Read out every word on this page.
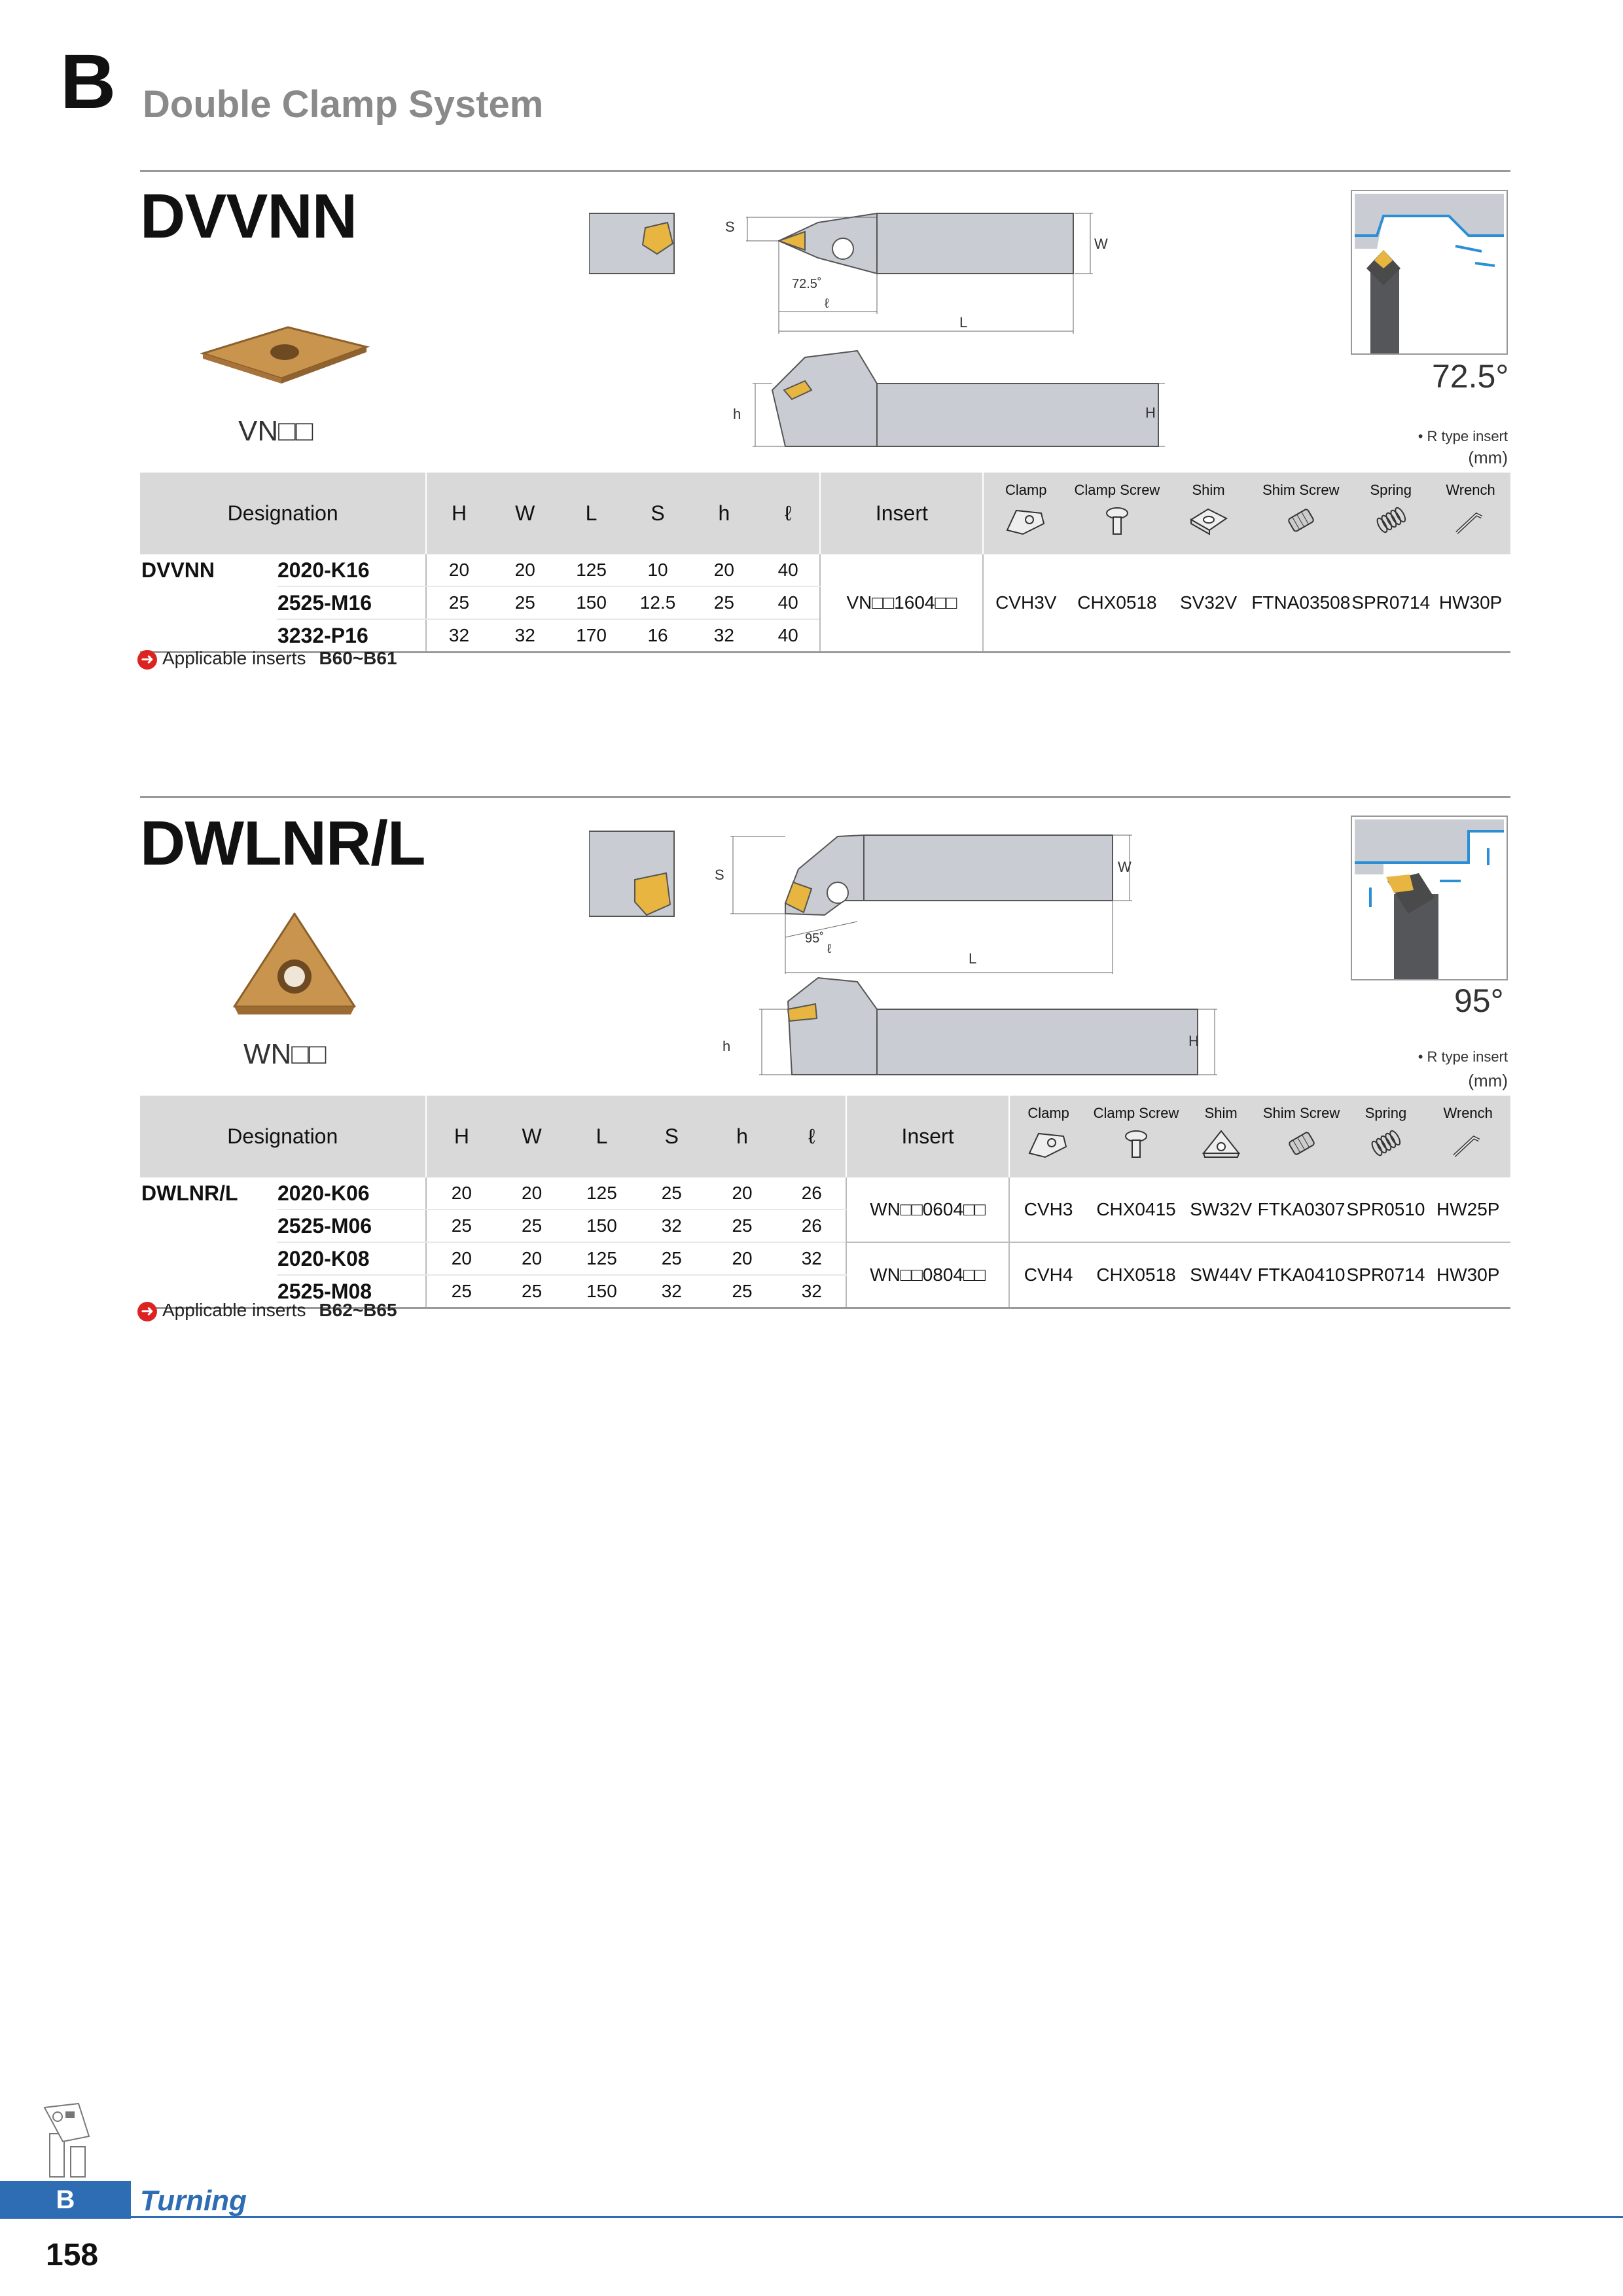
B Double Clamp System
DVVNN
VN□□
S
W
72.5˚
ℓ
L
h	H
72.5°
• R type insert
(mm)
Designation		H	W	L	S	h	ℓ	Insert	Clamp	Clamp Screw	Shim	Shim Screw	Spring	Wrench

DVVNN	2020-K16	20	20	125	10	20	40	VN□□1604□□	CVH3V	CHX0518	SV32V	FTNA03508	SPR0714	HW30P
	2525-M16	25	25	150	12.5	25	40							
	3232-P16	32	32	170	16	32	40							
➜ Applicable inserts B60~B61
DWLNR/L
WN□□
S	W
95˚
ℓ
L
h	H
95°
• R type insert
(mm)
Designation		H	W	L	S	h	ℓ	Insert	Clamp	Clamp Screw	Shim	Shim Screw	Spring	Wrench

DWLNR/L	2020-K06	20	20	125	25	20	26	WN□□0604□□	CVH3	CHX0415	SW32V	FTKA0307	SPR0510	HW25P
	2525-M06	25	25	150	32	25	26							
	2020-K08	20	20	125	25	20	32	WN□□0804□□	CVH4	CHX0518	SW44V	FTKA0410	SPR0714	HW30P
	2525-M08	25	25	150	32	25	32							
➜ Applicable inserts B62~B65
B	Turning
158
